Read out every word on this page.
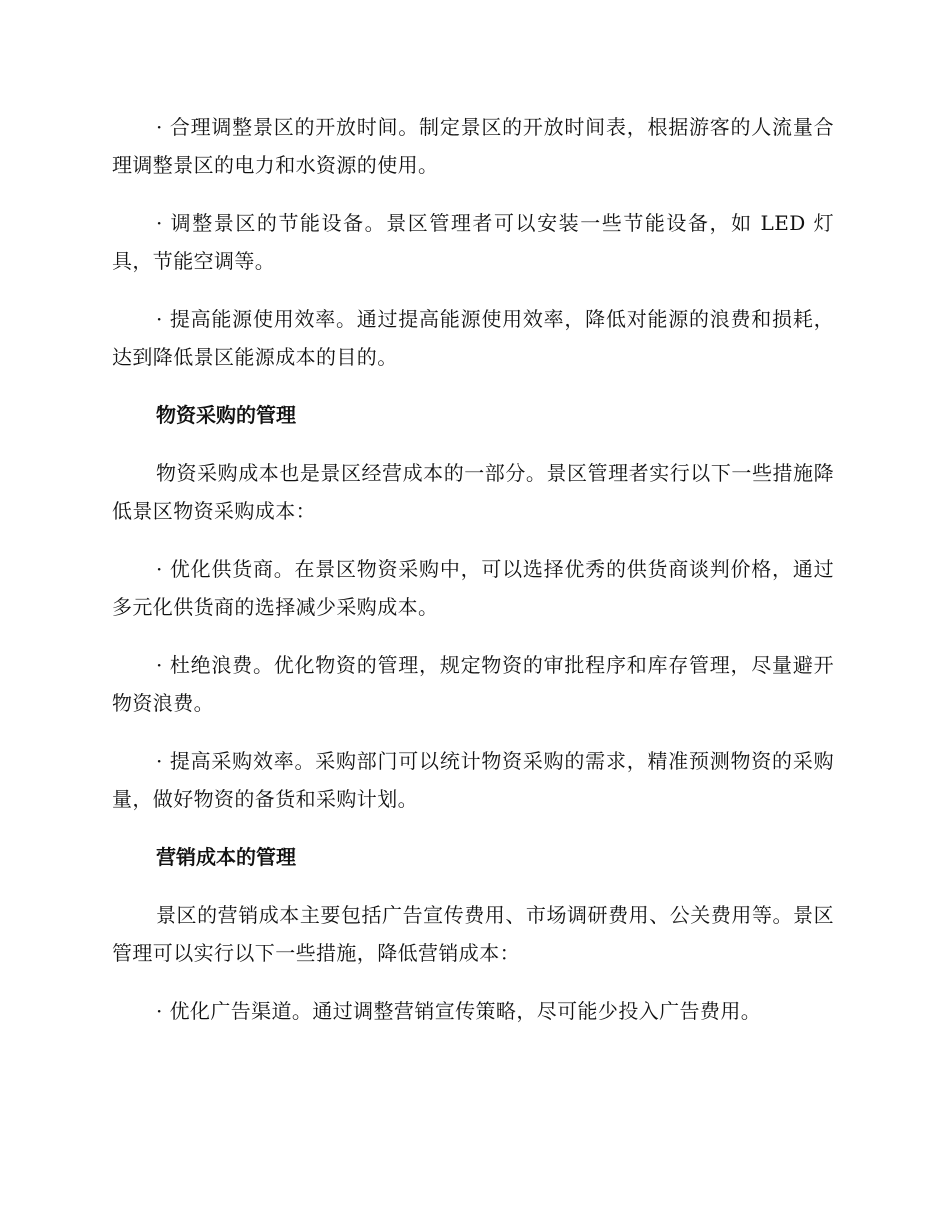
· 合理调整景区的开放时间。制定景区的开放时间表，根据游客的人流量合理调整景区的电力和水资源的使用。

· 调整景区的节能设备。景区管理者可以安装一些节能设备，如 LED 灯具，节能空调等。

· 提高能源使用效率。通过提高能源使用效率，降低对能源的浪费和损耗，达到降低景区能源成本的目的。

物资采购的管理

物资采购成本也是景区经营成本的一部分。景区管理者实行以下一些措施降低景区物资采购成本：

· 优化供货商。在景区物资采购中，可以选择优秀的供货商谈判价格，通过多元化供货商的选择减少采购成本。

· 杜绝浪费。优化物资的管理，规定物资的审批程序和库存管理，尽量避开物资浪费。

· 提高采购效率。采购部门可以统计物资采购的需求，精准预测物资的采购量，做好物资的备货和采购计划。

营销成本的管理

景区的营销成本主要包括广告宣传费用、市场调研费用、公关费用等。景区管理可以实行以下一些措施，降低营销成本：

· 优化广告渠道。通过调整营销宣传策略，尽可能少投入广告费用。
